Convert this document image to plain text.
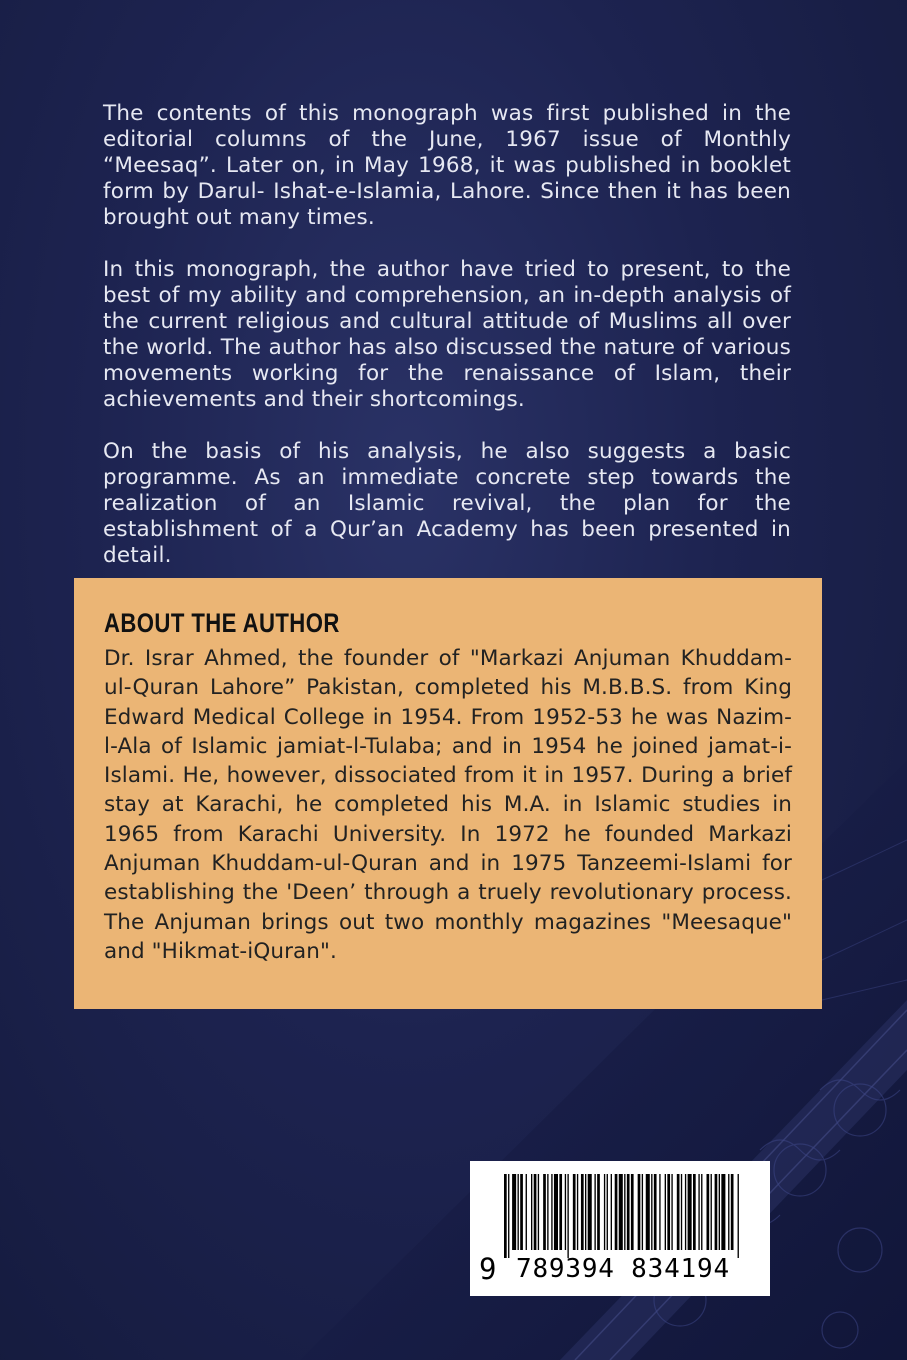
The contents of this monograph was first published in the editorial columns of the June, 1967 issue of Monthly “Meesaq”. Later on, in May 1968, it was published in booklet form by Darul- Ishat-e-Islamia, Lahore. Since then it has been brought out many times.

In this monograph, the author have tried to present, to the best of my ability and comprehension, an in-depth analysis of the current religious and cultural attitude of Muslims all over the world. The author has also discussed the nature of various movements working for the renaissance of Islam, their achievements and their shortcomings.

On the basis of his analysis, he also suggests a basic programme. As an immediate concrete step towards the realization of an Islamic revival, the plan for the establishment of a Qur’an Academy has been presented in detail.

ABOUT THE AUTHOR

Dr. Israr Ahmed, the founder of "Markazi Anjuman Khuddam-ul-Quran Lahore” Pakistan, completed his M.B.B.S. from King Edward Medical College in 1954. From 1952-53 he was Nazim-l-Ala of Islamic jamiat-l-Tulaba; and in 1954 he joined jamat-i-Islami. He, however, dissociated from it in 1957. During a brief stay at Karachi, he completed his M.A. in Islamic studies in 1965 from Karachi University. In 1972 he founded Markazi Anjuman Khuddam-ul-Quran and in 1975 Tanzeemi-Islami for establishing the 'Deen’ through a truely revolutionary process. The Anjuman brings out two monthly magazines "Meesaque" and "Hikmat-iQuran".

9 789394 834194
